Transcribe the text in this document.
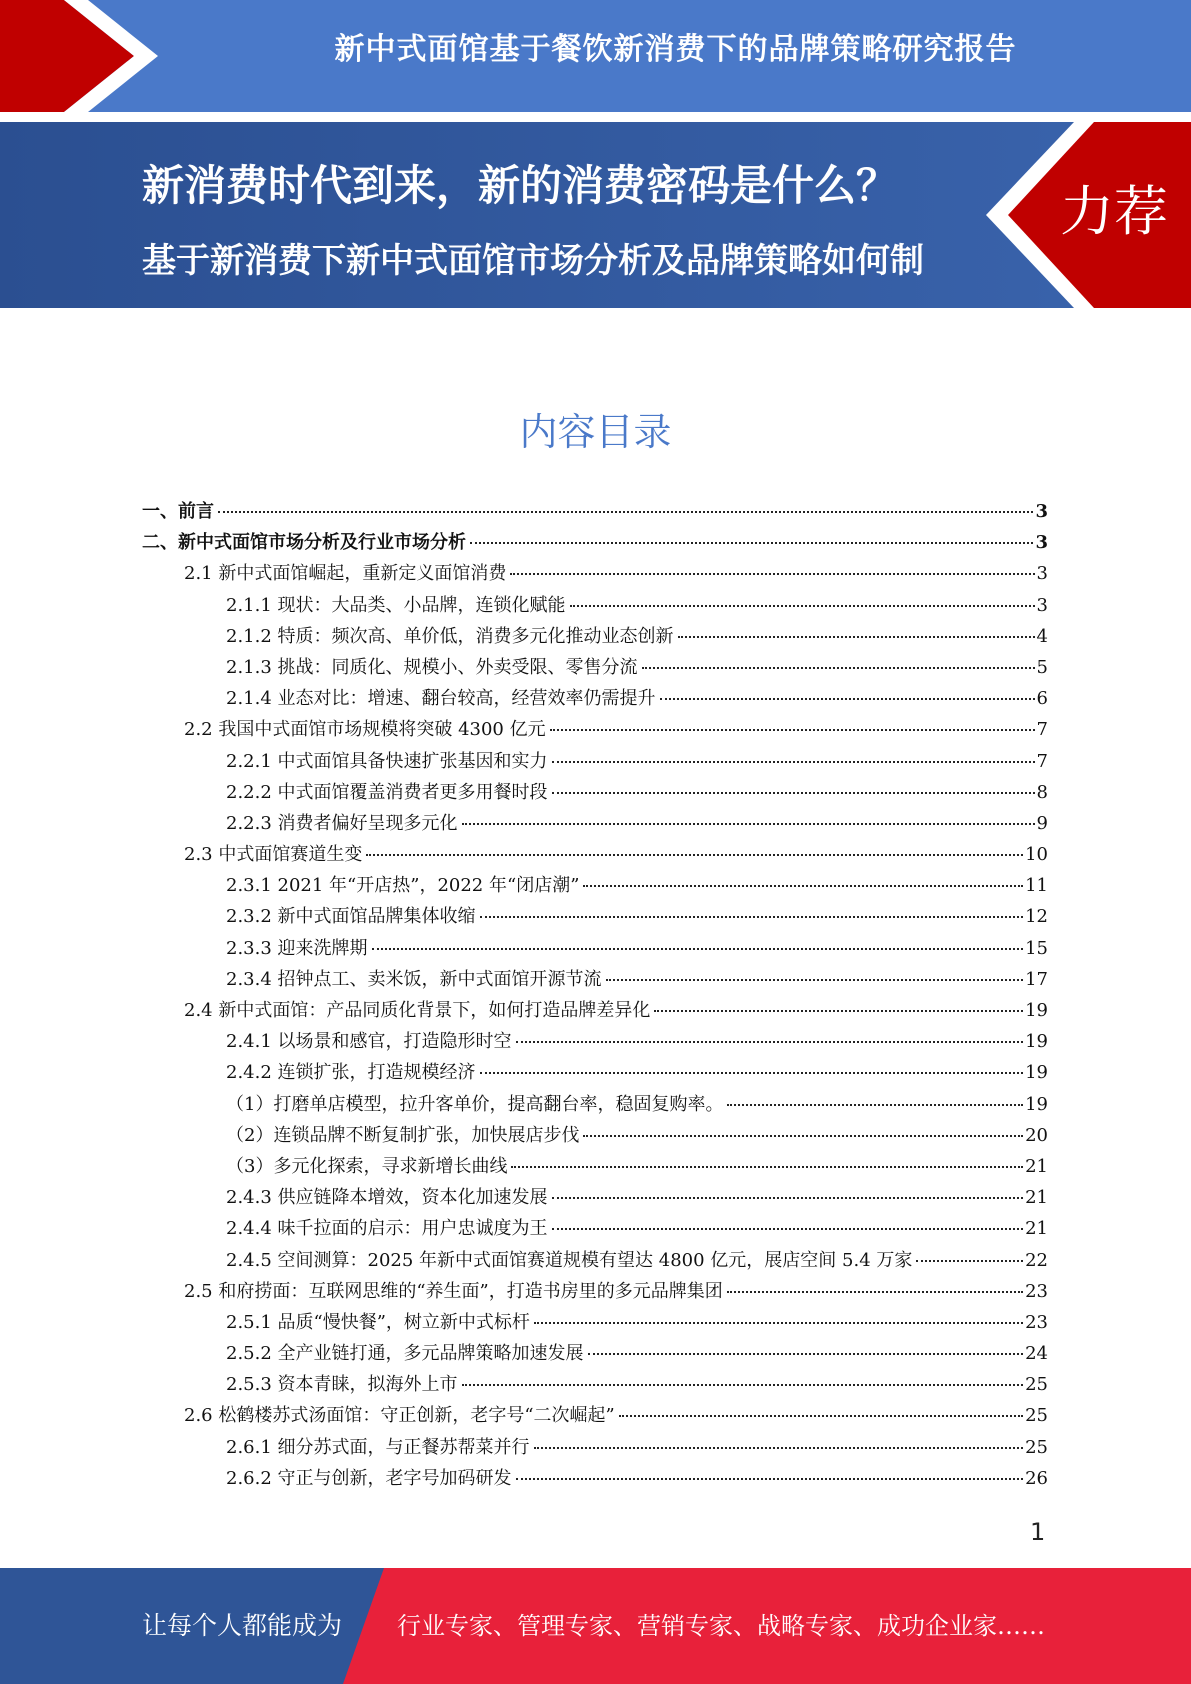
新中式面馆基于餐饮新消费下的品牌策略研究报告
新消费时代到来，新的消费密码是什么？
基于新消费下新中式面馆市场分析及品牌策略如何制定？？？
力荐
内容目录
一、前言	3
二、新中式面馆市场分析及行业市场分析	3
2.1 新中式面馆崛起，重新定义面馆消费	3
2.1.1 现状：大品类、小品牌，连锁化赋能	3
2.1.2 特质：频次高、单价低，消费多元化推动业态创新	4
2.1.3 挑战：同质化、规模小、外卖受限、零售分流	5
2.1.4 业态对比：增速、翻台较高，经营效率仍需提升	6
2.2 我国中式面馆市场规模将突破 4300 亿元	7
2.2.1 中式面馆具备快速扩张基因和实力	7
2.2.2 中式面馆覆盖消费者更多用餐时段	8
2.2.3 消费者偏好呈现多元化	9
2.3 中式面馆赛道生变	10
2.3.1 2021 年“开店热”，2022 年“闭店潮”	11
2.3.2 新中式面馆品牌集体收缩	12
2.3.3 迎来洗牌期	15
2.3.4 招钟点工、卖米饭，新中式面馆开源节流	17
2.4 新中式面馆：产品同质化背景下，如何打造品牌差异化	19
2.4.1 以场景和感官，打造隐形时空	19
2.4.2 连锁扩张，打造规模经济	19
（1）打磨单店模型，拉升客单价，提高翻台率，稳固复购率。	19
（2）连锁品牌不断复制扩张，加快展店步伐	20
（3）多元化探索，寻求新增长曲线	21
2.4.3 供应链降本增效，资本化加速发展	21
2.4.4 味千拉面的启示：用户忠诚度为王	21
2.4.5 空间测算：2025 年新中式面馆赛道规模有望达 4800 亿元，展店空间 5.4 万家	22
2.5 和府捞面：互联网思维的“养生面”，打造书房里的多元品牌集团	23
2.5.1 品质“慢快餐”，树立新中式标杆	23
2.5.2 全产业链打通，多元品牌策略加速发展	24
2.5.3 资本青睐，拟海外上市	25
2.6 松鹤楼苏式汤面馆：守正创新，老字号“二次崛起”	25
2.6.1 细分苏式面，与正餐苏帮菜并行	25
2.6.2 守正与创新，老字号加码研发	26
1
让每个人都能成为 行业专家、管理专家、营销专家、战略专家、成功企业家……
